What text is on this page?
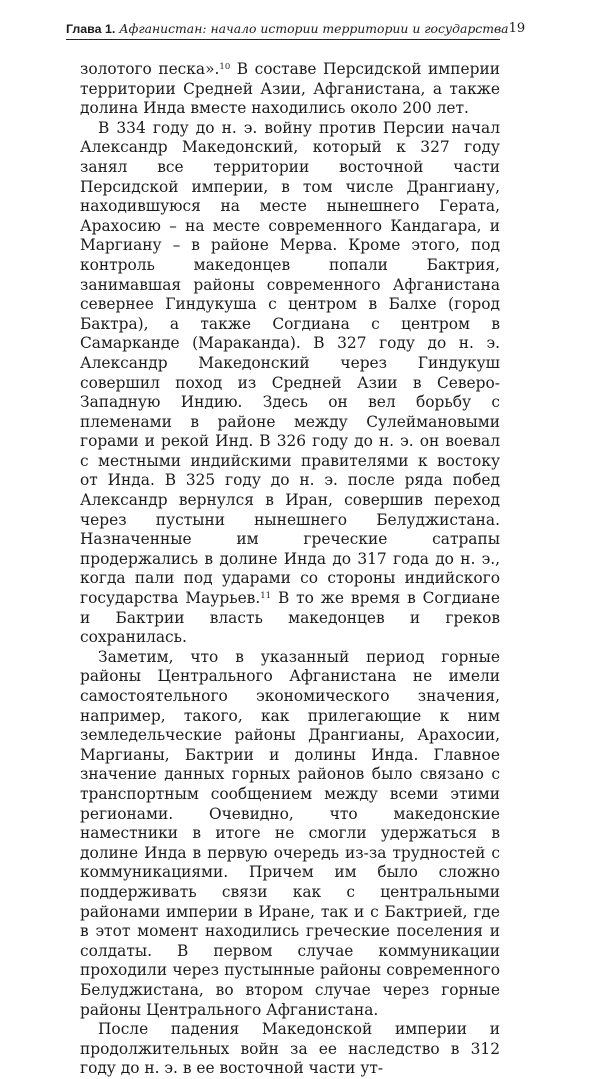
Глава 1. Афганистан: начало истории территории и государства 19

золотого песка».$^{10}$ В составе Персидской империи территории Средней Азии, Афганистана, а также долина Инда вместе находились около 200 лет.

В 334 году до н. э. войну против Персии начал Александр Македонский, который к 327 году занял все территории восточной части Персидской империи, в том числе Дрангиану, находившуюся на месте нынешнего Герата, Арахосию – на месте современного Кандагара, и Маргиану – в районе Мерва. Кроме этого, под контроль македонцев попали Бактрия, занимавшая районы современного Афганистана севернее Гиндукуша с центром в Балхе (город Бактра), а также Согдиана с центром в Самарканде (Мараканда). В 327 году до н. э. Александр Македонский через Гиндукуш совершил поход из Средней Азии в Северо-Западную Индию. Здесь он вел борьбу с племенами в районе между Сулеймановыми горами и рекой Инд. В 326 году до н. э. он воевал с местными индийскими правителями к востоку от Инда. В 325 году до н. э. после ряда побед Александр вернулся в Иран, совершив переход через пустыни нынешнего Белуджистана. Назначенные им греческие сатрапы продержались в долине Инда до 317 года до н. э., когда пали под ударами со стороны индийского государства Маурьев.$^{11}$ В то же время в Согдиане и Бактрии власть македонцев и греков сохранилась.

Заметим, что в указанный период горные районы Центрального Афганистана не имели самостоятельного экономического значения, например, такого, как прилегающие к ним земледельческие районы Дрангианы, Арахосии, Маргианы, Бактрии и долины Инда. Главное значение данных горных районов было связано с транспортным сообщением между всеми этими регионами. Очевидно, что македонские наместники в итоге не смогли удержаться в долине Инда в первую очередь из-за трудностей с коммуникациями. Причем им было сложно поддерживать связи как с центральными районами империи в Иране, так и с Бактрией, где в этот момент находились греческие поселения и солдаты. В первом случае коммуникации проходили через пустынные районы современного Белуджистана, во втором случае через горные районы Центрального Афганистана.

После падения Македонской империи и продолжительных войн за ее наследство в 312 году до н. э. в ее восточной части ут-
